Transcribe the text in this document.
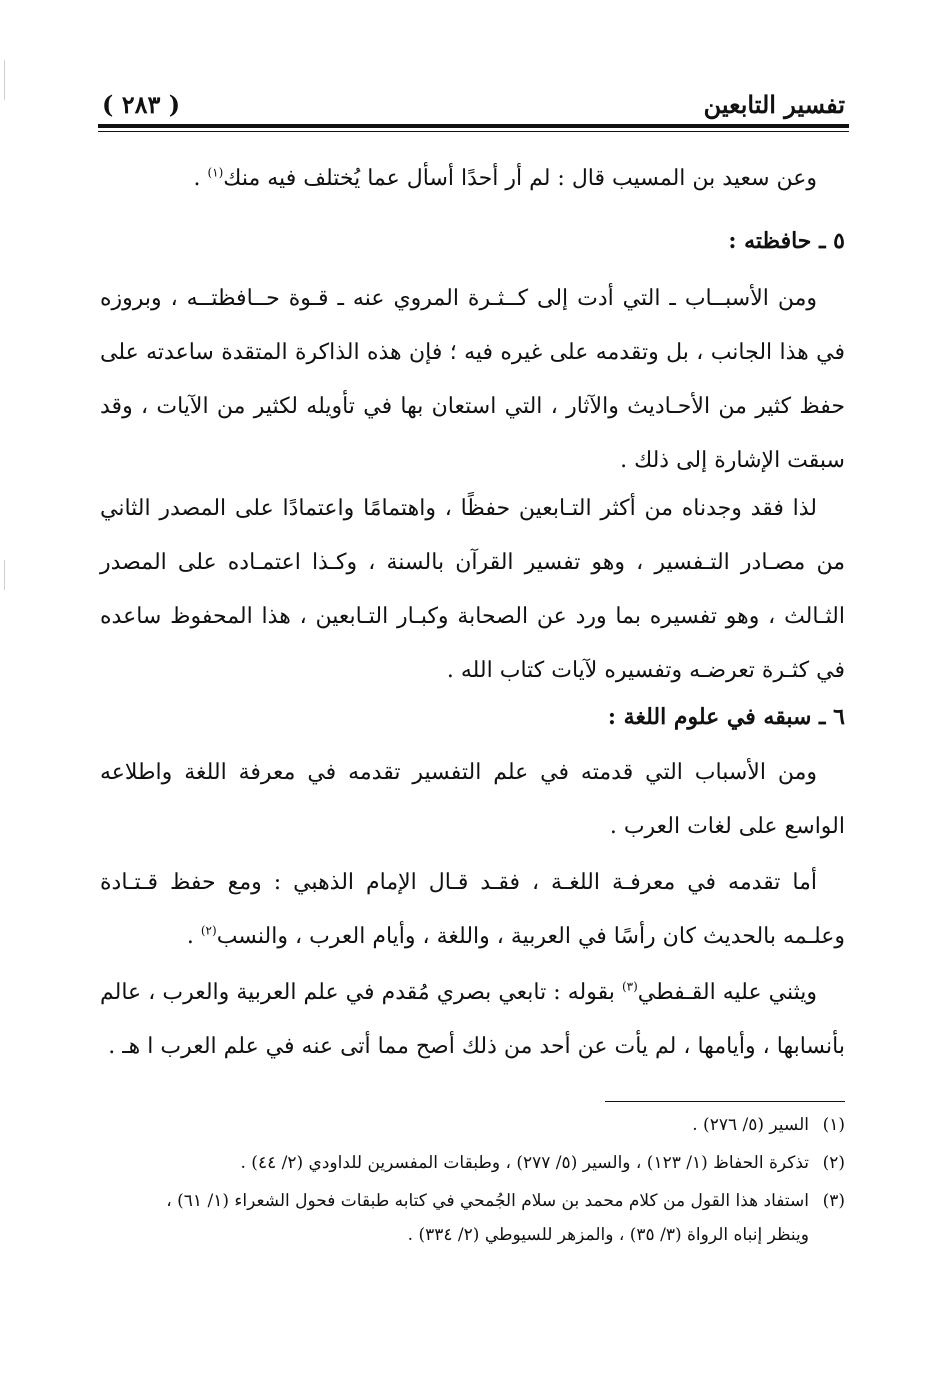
تفسير التابعين
( ٢٨٣ )
وعن سعيد بن المسيب قال : لم أر أحدًا أسأل عما يُختلف فيه منك$^{(١)}$ .
٥ ـ حافظته :
ومن الأسبــاب ـ التي أدت إلى كــثـرة المروي عنه ـ قـوة حــافظتــه ، وبروزه في هذا الجانب ، بل وتقدمه على غيره فيه ؛ فإن هذه الذاكرة المتقدة ساعدته على حفظ كثير من الأحـاديث والآثار ، التي استعان بها في تأويله لكثير من الآيات ، وقد سبقت الإشارة إلى ذلك .
لذا فقد وجدناه من أكثر التـابعين حفظًا ، واهتمامًا واعتمادًا على المصدر الثاني من مصـادر التـفسير ، وهو تفسير القرآن بالسنة ، وكـذا اعتمـاده على المصدر الثـالث ، وهو تفسيره بما ورد عن الصحابة وكبـار التـابعين ، هذا المحفوظ ساعده في كثـرة تعرضـه وتفسيره لآيات كتاب الله .
٦ ـ سبقه في علوم اللغة :
ومن الأسباب التي قدمته في علم التفسير تقدمه في معرفة اللغة واطلاعه الواسع على لغات العرب .
أما تقدمه في معرفـة اللغـة ، فقـد قـال الإمام الذهبي : ومع حفظ قـتـادة وعلـمه بالحديث كان رأسًا في العربية ، واللغة ، وأيام العرب ، والنسب$^{(٢)}$ .
ويثني عليه القـفطي$^{(٣)}$ بقوله : تابعي بصري مُقدم في علم العربية والعرب ، عالم بأنسابها ، وأيامها ، لم يأت عن أحد من ذلك أصح مما أتى عنه في علم العرب ا هـ .
(١)السير (٥/ ٢٧٦) .
(٢)تذكرة الحفاظ (١/ ١٢٣) ، والسير (٥/ ٢٧٧) ، وطبقات المفسرين للداودي (٢/ ٤٤) .
(٣)استفاد هذا القول من كلام محمد بن سلام الجُمحي في كتابه طبقات فحول الشعراء (١/ ٦١) ،
وينظر إنباه الرواة (٣/ ٣٥) ، والمزهر للسيوطي (٢/ ٣٣٤) .
